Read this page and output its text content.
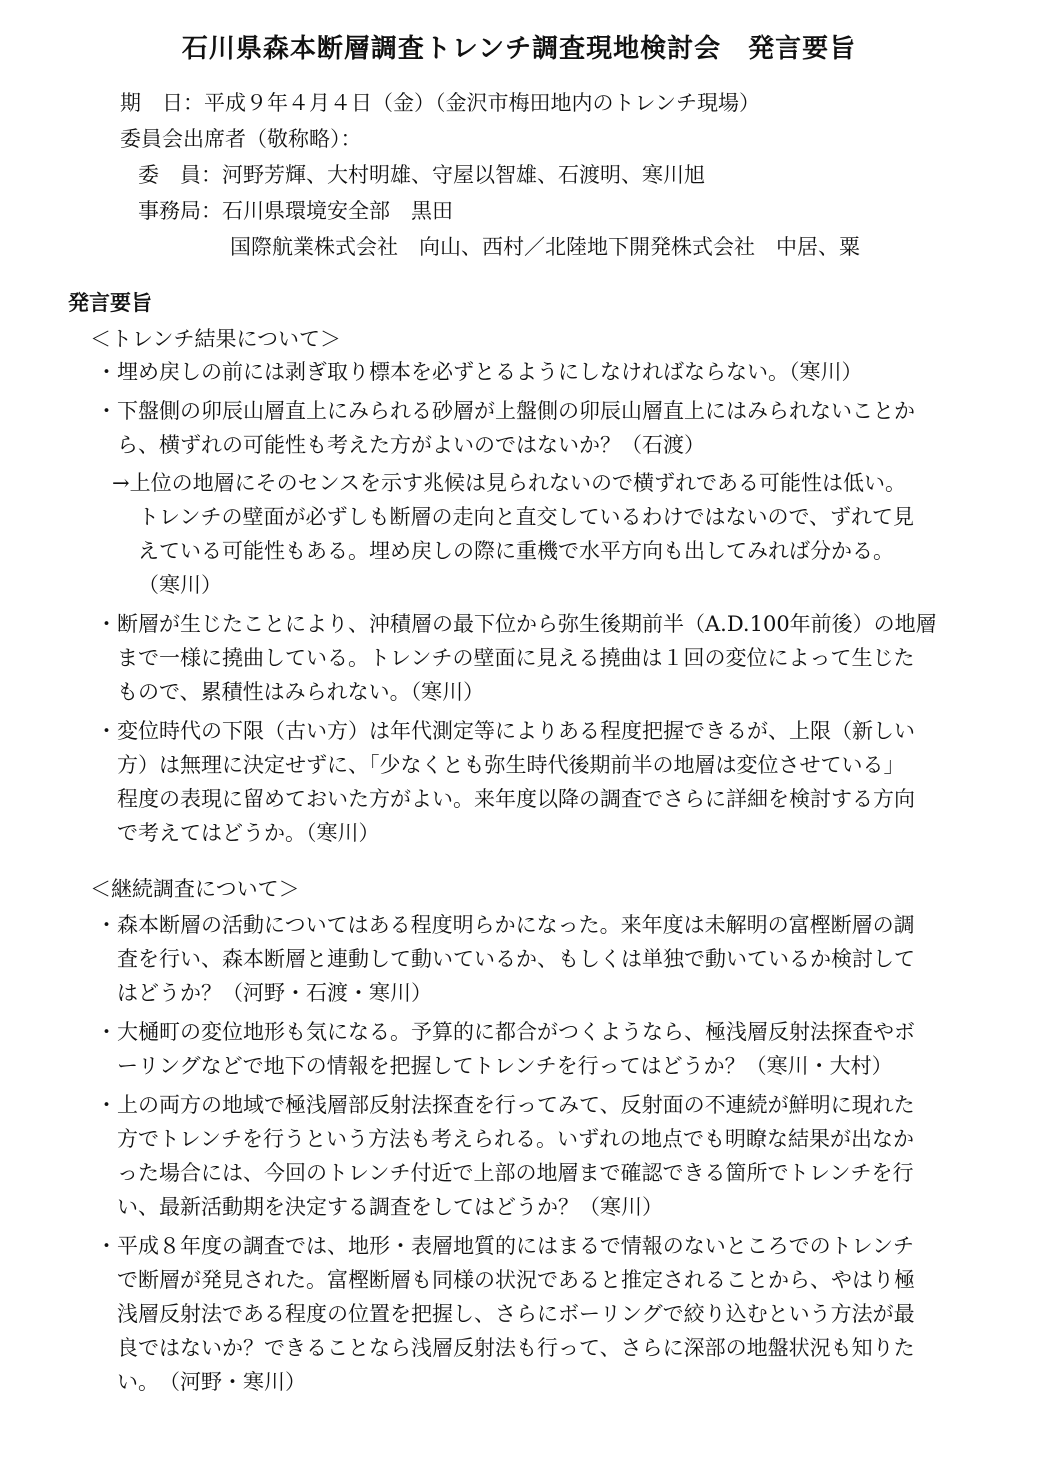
石川県森本断層調査トレンチ調査現地検討会　発言要旨
期　日：平成９年４月４日（金）（金沢市梅田地内のトレンチ現場）
委員会出席者（敬称略）：
委　員：河野芳輝、大村明雄、守屋以智雄、石渡明、寒川旭
事務局：石川県環境安全部　黒田
国際航業株式会社　向山、西村／北陸地下開発株式会社　中居、粟
発言要旨
＜トレンチ結果について＞
・埋め戻しの前には剥ぎ取り標本を必ずとるようにしなければならない。（寒川）
・下盤側の卯辰山層直上にみられる砂層が上盤側の卯辰山層直上にはみられないことか
ら、横ずれの可能性も考えた方がよいのではないか？（石渡）
→上位の地層にそのセンスを示す兆候は見られないので横ずれである可能性は低い。
トレンチの壁面が必ずしも断層の走向と直交しているわけではないので、ずれて見
えている可能性もある。埋め戻しの際に重機で水平方向も出してみれば分かる。
（寒川）
・断層が生じたことにより、沖積層の最下位から弥生後期前半（A.D.100年前後）の地層
まで一様に撓曲している。トレンチの壁面に見える撓曲は１回の変位によって生じた
もので、累積性はみられない。（寒川）
・変位時代の下限（古い方）は年代測定等によりある程度把握できるが、上限（新しい
方）は無理に決定せずに、「少なくとも弥生時代後期前半の地層は変位させている」
程度の表現に留めておいた方がよい。来年度以降の調査でさらに詳細を検討する方向
で考えてはどうか。（寒川）
＜継続調査について＞
・森本断層の活動についてはある程度明らかになった。来年度は未解明の富樫断層の調
査を行い、森本断層と連動して動いているか、もしくは単独で動いているか検討して
はどうか？（河野・石渡・寒川）
・大樋町の変位地形も気になる。予算的に都合がつくようなら、極浅層反射法探査やボ
ーリングなどで地下の情報を把握してトレンチを行ってはどうか？（寒川・大村）
・上の両方の地域で極浅層部反射法探査を行ってみて、反射面の不連続が鮮明に現れた
方でトレンチを行うという方法も考えられる。いずれの地点でも明瞭な結果が出なか
った場合には、今回のトレンチ付近で上部の地層まで確認できる箇所でトレンチを行
い、最新活動期を決定する調査をしてはどうか？（寒川）
・平成８年度の調査では、地形・表層地質的にはまるで情報のないところでのトレンチ
で断層が発見された。富樫断層も同様の状況であると推定されることから、やはり極
浅層反射法である程度の位置を把握し、さらにボーリングで絞り込むという方法が最
良ではないか？できることなら浅層反射法も行って、さらに深部の地盤状況も知りた
い。　（河野・寒川）
